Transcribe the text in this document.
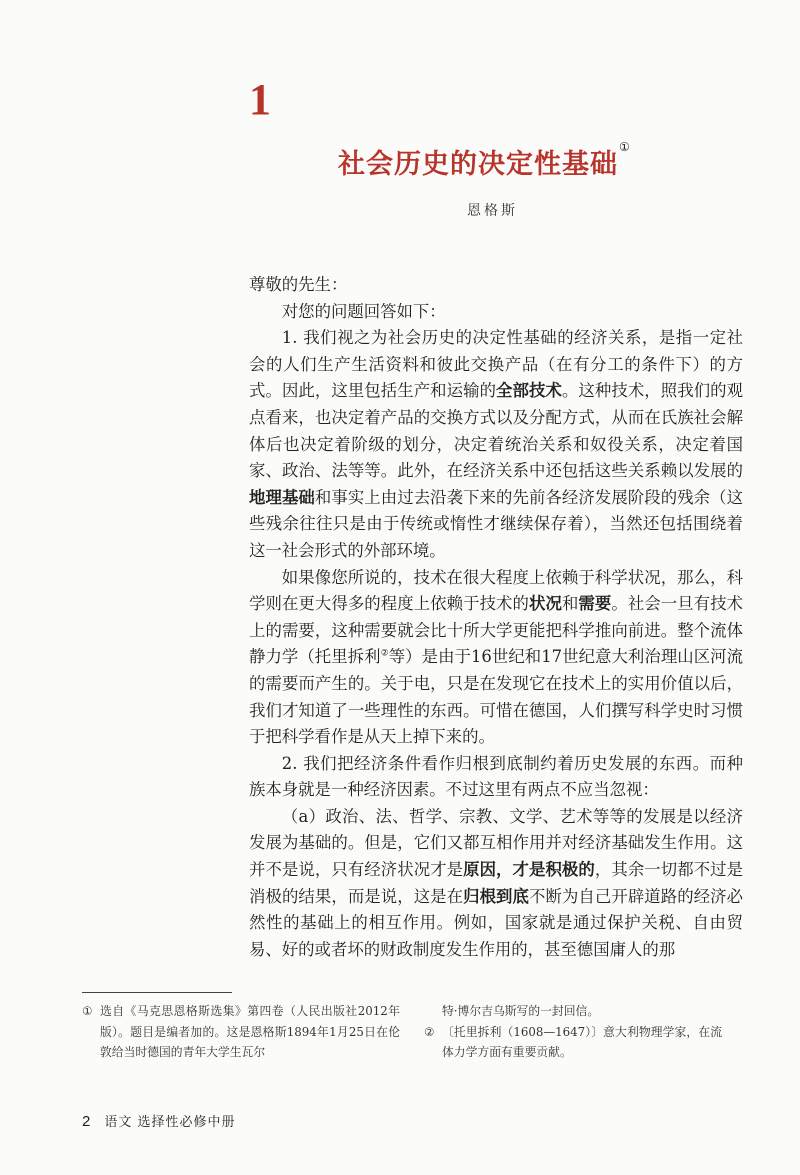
1
社会历史的决定性基础①
恩格斯

尊敬的先生：

对您的问题回答如下：

1. 我们视之为社会历史的决定性基础的经济关系，是指一定社会的人们生产生活资料和彼此交换产品（在有分工的条件下）的方式。因此，这里包括生产和运输的全部技术。这种技术，照我们的观点看来，也决定着产品的交换方式以及分配方式，从而在氏族社会解体后也决定着阶级的划分，决定着统治关系和奴役关系，决定着国家、政治、法等等。此外，在经济关系中还包括这些关系赖以发展的地理基础和事实上由过去沿袭下来的先前各经济发展阶段的残余（这些残余往往只是由于传统或惰性才继续保存着），当然还包括围绕着这一社会形式的外部环境。

如果像您所说的，技术在很大程度上依赖于科学状况，那么，科学则在更大得多的程度上依赖于技术的状况和需要。社会一旦有技术上的需要，这种需要就会比十所大学更能把科学推向前进。整个流体静力学（托里拆利②等）是由于16世纪和17世纪意大利治理山区河流的需要而产生的。关于电，只是在发现它在技术上的实用价值以后，我们才知道了一些理性的东西。可惜在德国，人们撰写科学史时习惯于把科学看作是从天上掉下来的。

2. 我们把经济条件看作归根到底制约着历史发展的东西。而种族本身就是一种经济因素。不过这里有两点不应当忽视：

（a）政治、法、哲学、宗教、文学、艺术等等的发展是以经济发展为基础的。但是，它们又都互相作用并对经济基础发生作用。这并不是说，只有经济状况才是原因，才是积极的，其余一切都不过是消极的结果，而是说，这是在归根到底不断为自己开辟道路的经济必然性的基础上的相互作用。例如，国家就是通过保护关税、自由贸易、好的或者坏的财政制度发生作用的，甚至德国庸人的那

① 选自《马克思恩格斯选集》第四卷（人民出版社2012年版）。题目是编者加的。这是恩格斯1894年1月25日在伦敦给当时德国的青年大学生瓦尔
特·博尔吉乌斯写的一封回信。
② 〔托里拆利（1608—1647）〕意大利物理学家，在流体力学方面有重要贡献。
2 语文 选择性必修中册
